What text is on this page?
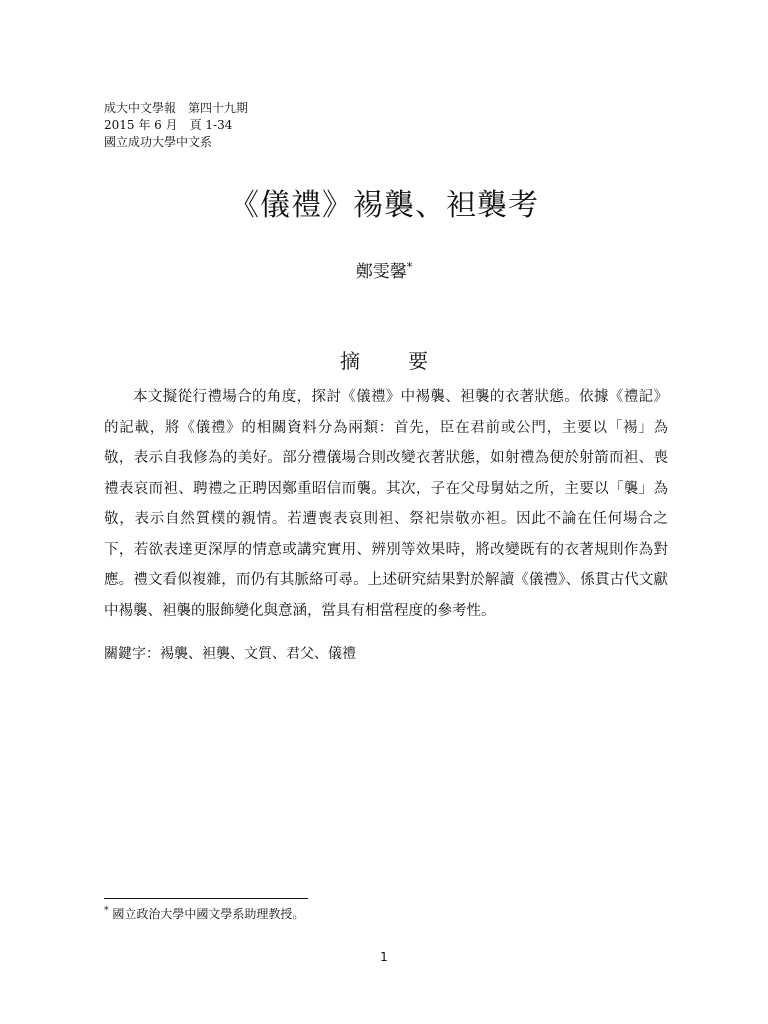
成大中文學報　第四十九期
2015 年 6 月　頁 1-34
國立成功大學中文系
《儀禮》裼襲、袒襲考
鄭雯馨*
摘　要

本文擬從行禮場合的角度，探討《儀禮》中裼襲、袒襲的衣著狀態。依據《禮記》的記載，將《儀禮》的相關資料分為兩類：首先，臣在君前或公門，主要以「裼」為敬，表示自我修為的美好。部分禮儀場合則改變衣著狀態，如射禮為便於射箭而袒、喪禮表哀而袒、聘禮之正聘因鄭重昭信而襲。其次，子在父母舅姑之所，主要以「襲」為敬，表示自然質樸的親情。若遭喪表哀則袒、祭祀崇敬亦袒。因此不論在任何場合之下，若欲表達更深厚的情意或講究實用、辨別等效果時，將改變既有的衣著規則作為對應。禮文看似複雜，而仍有其脈絡可尋。上述研究結果對於解讀《儀禮》、係貫古代文獻中裼襲、袒襲的服飾變化與意涵，當具有相當程度的參考性。

關鍵字：裼襲、袒襲、文質、君父、儀禮
* 國立政治大學中國文學系助理教授。
1
